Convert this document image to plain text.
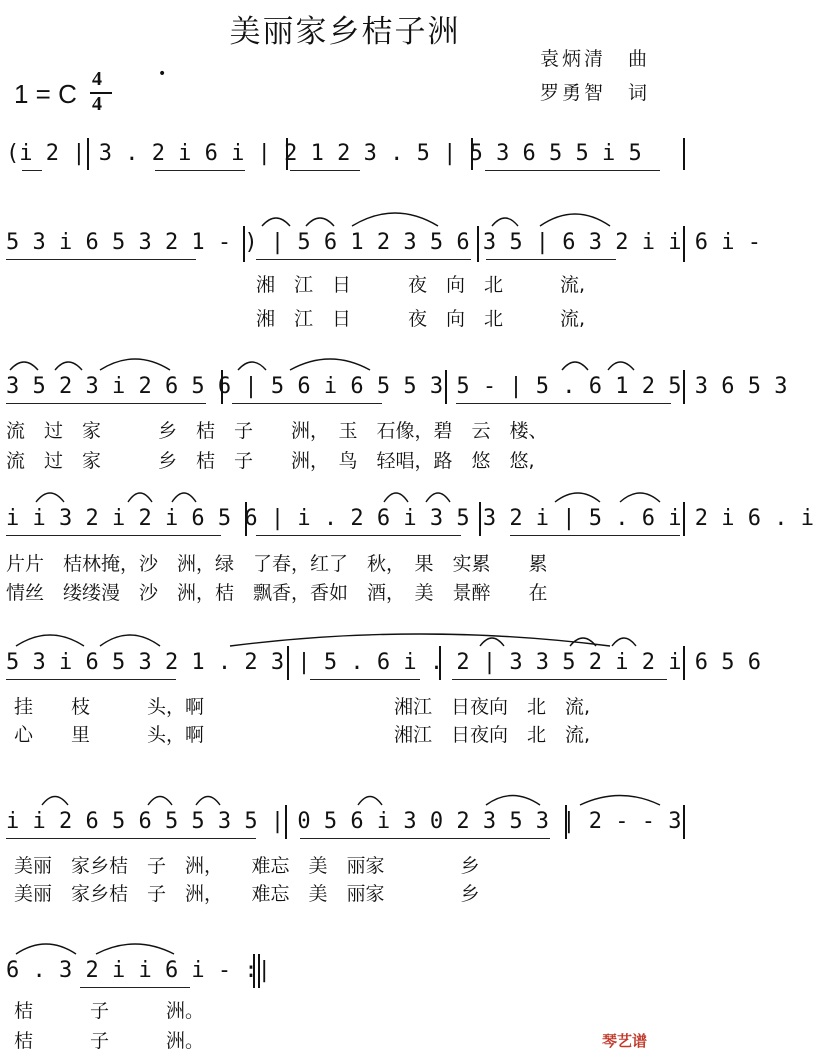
美丽家乡桔子洲
袁炳清　曲
罗勇智　词
1 = C 4
4
•
(i 2 | 3 . 2 i 6 i | 2 1 2 3 . 5 | 5 3 6 5 5 i 5
5 3 i 6 5 3 2 1 - ) | 5 6 1 2 3 5 6 3 5 | 6 3 2 i i 6 i -
湘　江　日　　　夜　向　北　　　流,
湘　江　日　　　夜　向　北　　　流,
3 5 2 3 i 2 6 5 6 | 5 6 i 6 5 5 3 5 - | 5 . 6 1 2 5 3 6 5 3
流　过　家　　　乡　桔　子　　洲，　玉　石像，碧　云　楼、
流　过　家　　　乡　桔　子　　洲，　鸟　轻唱，路　悠　悠,
i i 3 2 i 2 i 6 5 6 | i . 2 6 i 3 5 3 2 i | 5 . 6 i 2 i 6 . i
片片　桔林掩，沙　洲，绿　了春，红了　秋，　果　实累　　累
情丝　缕缕漫　沙　洲，桔　飘香，香如　酒，　美　景醉　　在
5 3 i 6 5 3 2 1 . 2 3 | 5 . 6 i . 2 | 3 3 5 2 i 2 i 6 5 6
挂　　枝　　　头，啊　　　　　　　　　　湘江　日夜向　北　流,
心　　里　　　头，啊　　　　　　　　　　湘江　日夜向　北　流,
i i 2 6 5 6 5 5 3 5 | 0 5 6 i 3 0 2 3 5 3 | 2 - - 3
美丽　家乡桔　子　洲，　　难忘　美　丽家　　　　乡
美丽　家乡桔　子　洲，　　难忘　美　丽家　　　　乡
6 . 3 2 i i 6 i - :|
桔　　　子　　　洲。
桔　　　子　　　洲。	琴艺谱
